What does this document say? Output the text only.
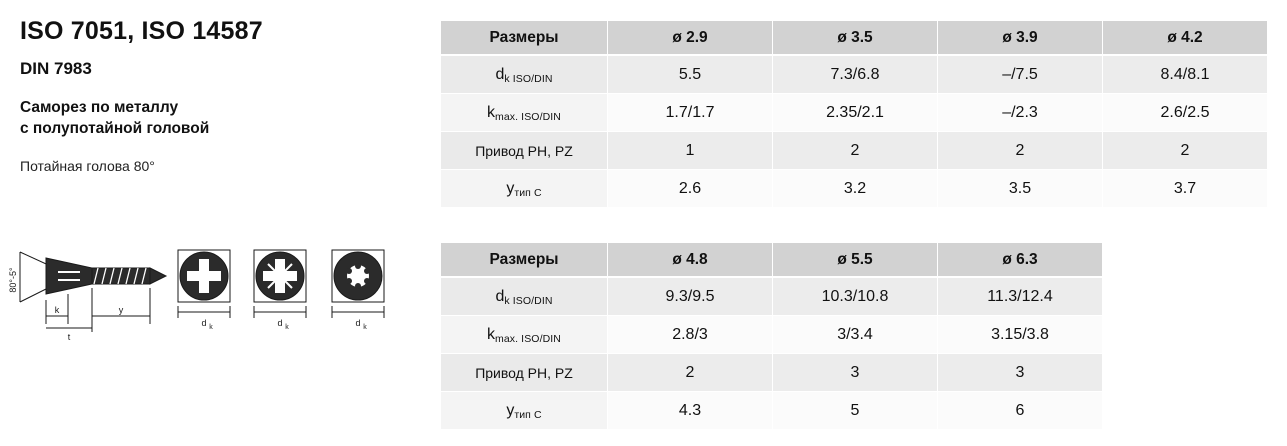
ISO 7051, ISO 14587
DIN 7983
Саморез по металлу
с полупотайной головой
Потайная голова 80°
80°-5°
k
t
y
d k	d k	d k
Размеры	ø 2.9	ø 3.5	ø 3.9	ø 4.2
dk ISO/DIN	5.5	7.3/6.8	–/7.5	8.4/8.1
kmax. ISO/DIN	1.7/1.7	2.35/2.1	–/2.3	2.6/2.5
Привод PH, PZ	1	2	2	2
yтип C	2.6	3.2	3.5	3.7
Размеры	ø 4.8	ø 5.5	ø 6.3	
dk ISO/DIN	9.3/9.5	10.3/10.8	11.3/12.4	
kmax. ISO/DIN	2.8/3	3/3.4	3.15/3.8	
Привод PH, PZ	2	3	3	
yтип C	4.3	5	6	
